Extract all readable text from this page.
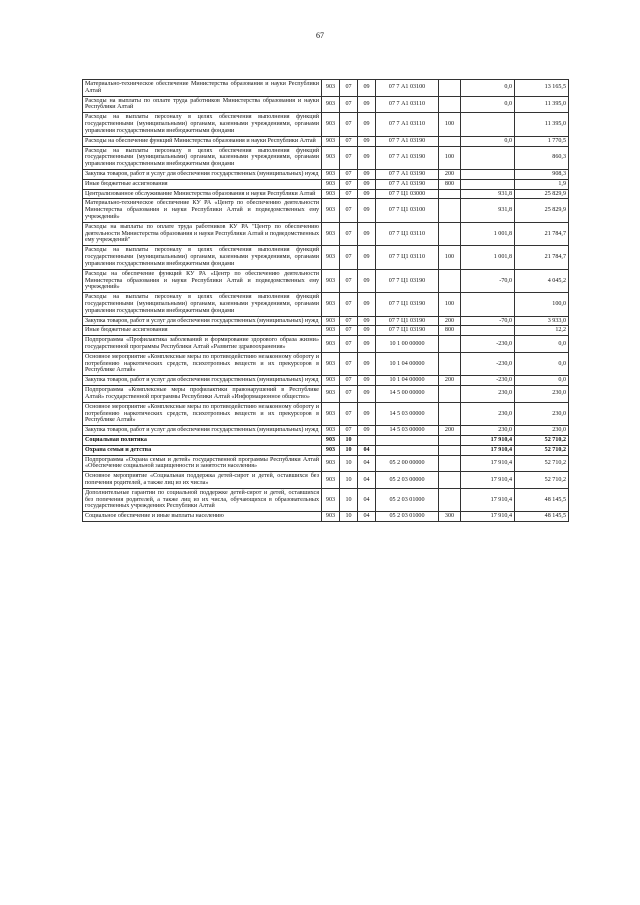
67
Материально-техническое обеспечение Министерства образования и науки Республики Алтай	903	07	09	07 7 А1 03100		0,0	13 165,5
Расходы на выплаты по оплате труда работников Министерства образования и науки Республики Алтай	903	07	09	07 7 А1 03110		0,0	11 395,0
Расходы на выплаты персоналу в целях обеспечения выполнения функций государственными (муниципальными) органами, казенными учреждениями, органами управления государственными внебюджетными фондами	903	07	09	07 7 А1 03110	100		11 395,0
Расходы на обеспечение функций Министерства образования и науки Республики Алтай	903	07	09	07 7 А1 03190		0,0	1 770,5
Расходы на выплаты персоналу в целях обеспечения выполнения функций государственными (муниципальными) органами, казенными учреждениями, органами управления государственными внебюджетными фондами	903	07	09	07 7 А1 03190	100		860,3
Закупка товаров, работ и услуг для обеспечения государственных (муниципальных) нужд	903	07	09	07 7 А1 03190	200		908,3
Иные бюджетные ассигнования	903	07	09	07 7 А1 03190	800		1,9
Централизованное обслуживание Министерства образования и науки Республики Алтай	903	07	09	07 7 Ц1 03000		931,8	25 829,9
Материально-техническое обеспечение КУ РА «Центр по обеспечению деятельности Министерства образования и науки Республики Алтай и подведомственных ему учреждений»	903	07	09	07 7 Ц1 03100		931,8	25 829,9
Расходы на выплаты по оплате труда работников КУ РА "Центр по обеспечению деятельности Министерства образования и науки Республики Алтай и подведомственных ему учреждений"	903	07	09	07 7 Ц1 03110		1 001,8	21 784,7
Расходы на выплаты персоналу в целях обеспечения выполнения функций государственными (муниципальными) органами, казенными учреждениями, органами управления государственными внебюджетными фондами	903	07	09	07 7 Ц1 03110	100	1 001,8	21 784,7
Расходы на обеспечение функций КУ РА «Центр по обеспечению деятельности Министерства образования и науки Республики Алтай и подведомственных ему учреждений»	903	07	09	07 7 Ц1 03190		-70,0	4 045,2
Расходы на выплаты персоналу в целях обеспечения выполнения функций государственными (муниципальными) органами, казенными учреждениями, органами управления государственными внебюджетными фондами	903	07	09	07 7 Ц1 03190	100		100,0
Закупка товаров, работ и услуг для обеспечения государственных (муниципальных) нужд	903	07	09	07 7 Ц1 03190	200	-70,0	3 933,0
Иные бюджетные ассигнования	903	07	09	07 7 Ц1 03190	800		12,2
Подпрограмма «Профилактика заболеваний и формирование здорового образа жизни» государственной программы Республики Алтай «Развитие здравоохранения»	903	07	09	10 1 00 00000		-230,0	0,0
Основное мероприятие «Комплексные меры по противодействию незаконному обороту и потреблению наркотических средств, психотропных веществ и их прекурсоров в Республике Алтай»	903	07	09	10 1 04 00000		-230,0	0,0
Закупка товаров, работ и услуг для обеспечения государственных (муниципальных) нужд	903	07	09	10 1 04 00000	200	-230,0	0,0
Подпрограмма «Комплексные меры профилактики правонарушений в Республике Алтай» государственной программы Республики Алтай «Информационное общество»	903	07	09	14 5 00 00000		230,0	230,0
Основное мероприятие «Комплексные меры по противодействию незаконному обороту и потреблению наркотических средств, психотропных веществ и их прекурсоров в Республике Алтай»	903	07	09	14 5 03 00000		230,0	230,0
Закупка товаров, работ и услуг для обеспечения государственных (муниципальных) нужд	903	07	09	14 5 03 00000	200	230,0	230,0
Социальная политика	903	10				17 910,4	52 710,2
Охрана семьи и детства	903	10	04			17 910,4	52 710,2
Подпрограмма «Охрана семьи и детей» государственной программы Республики Алтай «Обеспечение социальной защищенности и занятости населения»	903	10	04	05 2 00 00000		17 910,4	52 710,2
Основное мероприятие «Социальная поддержка детей-сирот и детей, оставшихся без попечения родителей, а также лиц из их числа»	903	10	04	05 2 03 00000		17 910,4	52 710,2
Дополнительные гарантии по социальной поддержке детей-сирот и детей, оставшихся без попечения родителей, а также лиц из их числа, обучающихся в образовательных государственных учреждениях Республики Алтай	903	10	04	05 2 03 01000		17 910,4	48 145,5
Социальное обеспечение и иные выплаты населению	903	10	04	05 2 03 01000	300	17 910,4	48 145,5
